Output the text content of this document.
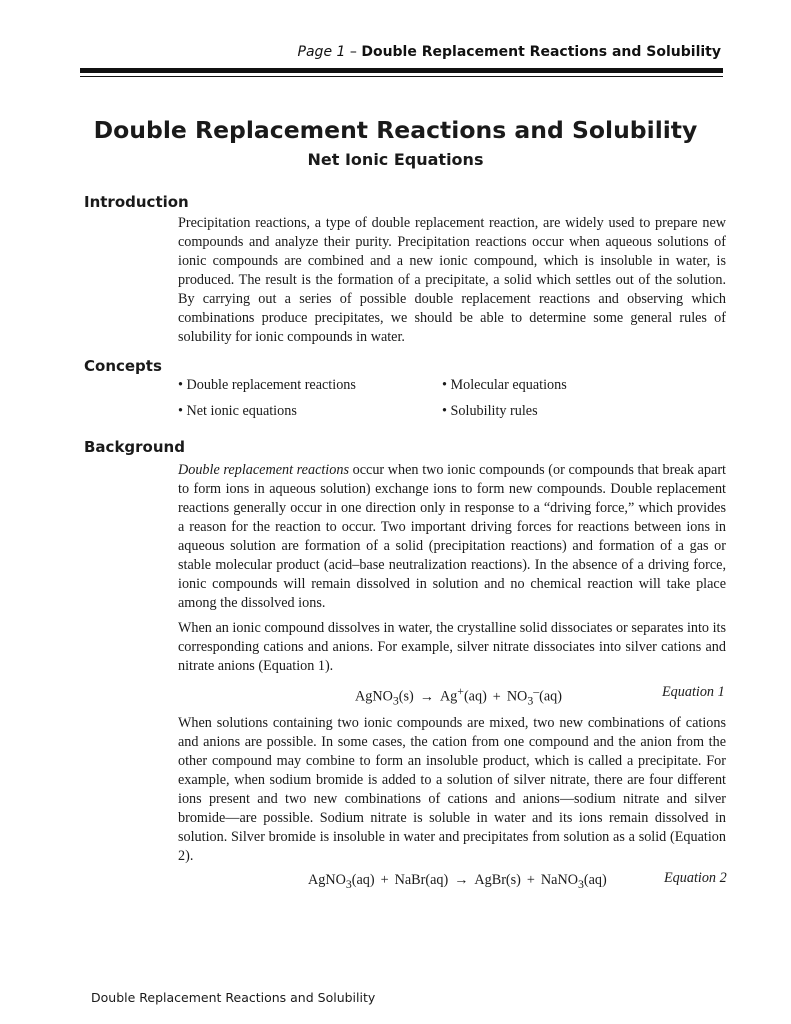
Page 1 – Double Replacement Reactions and Solubility
Double Replacement Reactions and Solubility
Net Ionic Equations
Introduction

Precipitation reactions, a type of double replacement reaction, are widely used to prepare new compounds and analyze their purity. Precipitation reactions occur when aqueous solutions of ionic compounds are combined and a new ionic compound, which is insoluble in water, is produced. The result is the formation of a precipitate, a solid which settles out of the solution. By carrying out a series of possible double replacement reactions and observing which combinations produce precipitates, we should be able to determine some general rules of solubility for ionic compounds in water.

Concepts
• Double replacement reactions
• Net ionic equations
• Molecular equations
• Solubility rules
Background

Double replacement reactions occur when two ionic compounds (or compounds that break apart to form ions in aqueous solution) exchange ions to form new compounds. Double replacement reactions generally occur in one direction only in response to a “driving force,” which provides a reason for the reaction to occur. Two important driving forces for reactions between ions in aqueous solution are formation of a solid (precipitation reactions) and formation of a gas or stable molecular product (acid–base neutralization reactions). In the absence of a driving force, ionic compounds will remain dissolved in solution and no chemical reaction will take place among the dissolved ions.

When an ionic compound dissolves in water, the crystalline solid dissociates or separates into its corresponding cations and anions. For example, silver nitrate dissociates into silver cations and nitrate anions (Equation 1).

AgNO$_3$(s) → $Ag^+(aq) + NO_3^-(aq)$	Equation 1

When solutions containing two ionic compounds are mixed, two new combinations of cations and anions are possible. In some cases, the cation from one compound and the anion from the other compound may combine to form an insoluble product, which is called a precipitate. For example, when sodium bromide is added to a solution of silver nitrate, there are four different ions present and two new combinations of cations and anions—sodium nitrate and silver bromide—are possible. Sodium nitrate is soluble in water and its ions remain dissolved in solution. Silver bromide is insoluble in water and precipitates from solution as a solid (Equation 2).

AgNO$_3$(aq) + NaBr(aq) → AgBr(s) + NaNO$_3$(aq)	Equation 2
Double Replacement Reactions and Solubility
